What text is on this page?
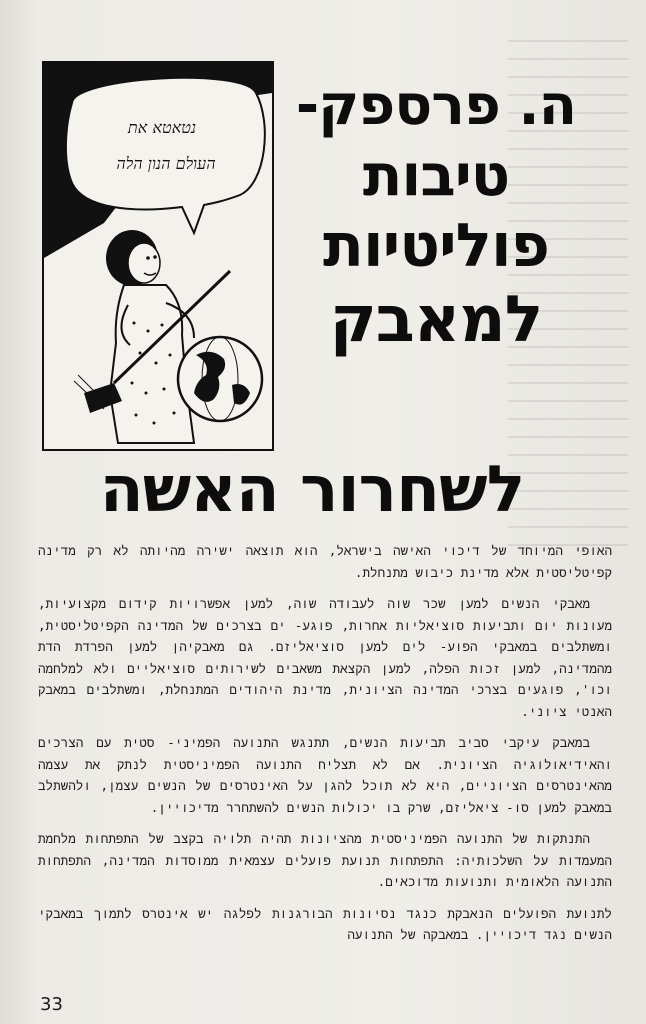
נטאטא את
העולם הנון הלה
ה. פרספק-
טיבות
פוליטיות
למאבק
לשחרור האשה

האופי המיוחד של דיכוי האישה בישראל, הוא תוצאה ישירה מהיותה לא רק מדינה קפיטליסטית אלא מדינת כיבוש מתנחלת.

מאבקי הנשים למען שכר שוה לעבודה שוה, למען אפשרויות קידום מקצועיות, מעונות יום ותביעות סוציאליות אחרות, פוגע- ים בצרכים של המדינה הקפיטליסטית, ומשתלבים במאבקי הפוע- לים למען סוציאליזם. גם מאבקיהן למען הפרדת הדת מהמדינה, למען זכות הפלה, למען הקצאת משאבים לשירותים סוציאליים ולא למלחמה וכו', פוגעים בצרכי המדינה הציונית, מדינת היהודים המתנחלת, ומשתלבים במאבק האנטי ציוני.

במאבק עיקבי סביב תביעות הנשים, תתנגש התנועה הפמיני- סטית עם הצרכים והאידיאולוגיה הציונית. אם לא תצליח התנועה הפמיניסטית לנתק את עצמה מהאינטרסים הציוניים, היא לא תוכל להגן על האינטרסים של הנשים עצמן, ולהשתלב במאבק למען סו- ציאליזם, שרק בו יכולות הנשים להשתחרר מדיכויין.

התנתקות של התנועה הפמיניסטית מהציונות תהיה תלויה בקצב של התפתחות מלחמת המעמדות על השלכותיה: התפתחות תנועת פועלים עצמאית ממוסדות המדינה, התפתחות התנועה הלאומית ותנועות מדוכאים.

לתנועת הפועלים הנאבקת כנגד נסיונות הבורגנות לפלגה יש אינטרס לתמוך במאבקי הנשים נגד דיכויין. במאבקה של התנועה

33
